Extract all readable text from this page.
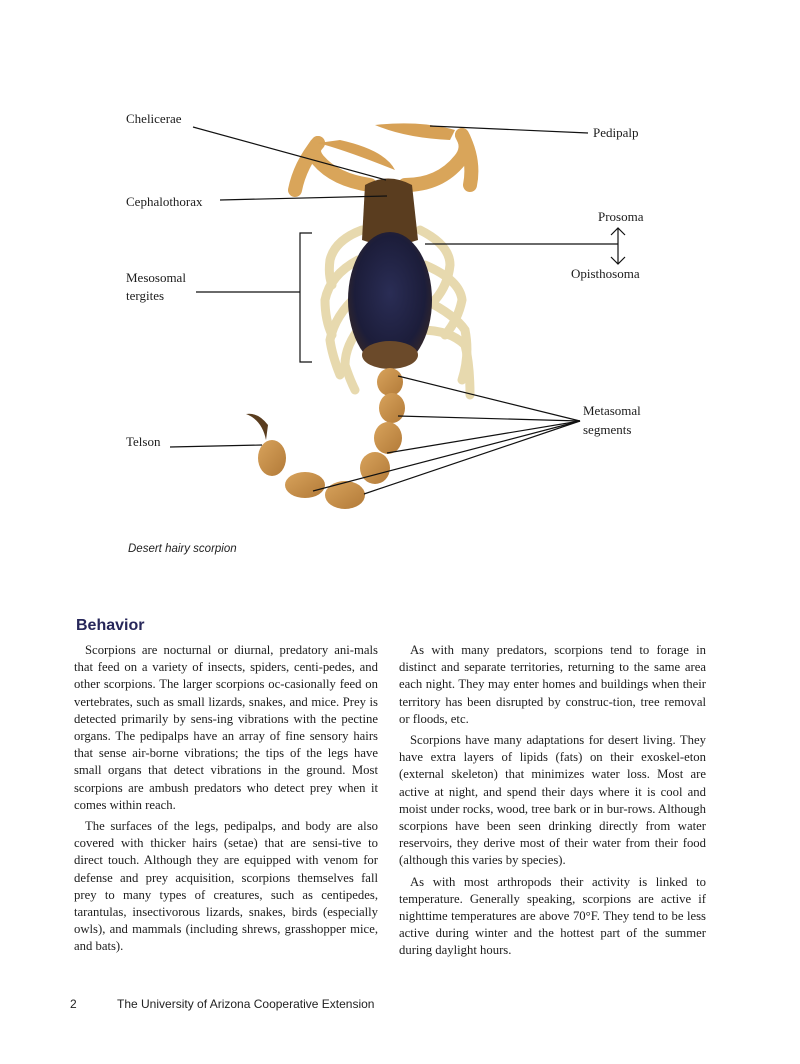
Chelicerae
Pedipalp
Cephalothorax
Prosoma
Opisthosoma
Mesosomal
tergites
Metasomal
segments
Telson
Desert hairy scorpion
Behavior

Scorpions are nocturnal or diurnal, predatory ani-mals that feed on a variety of insects, spiders, centi-pedes, and other scorpions. The larger scorpions oc-casionally feed on vertebrates, such as small lizards, snakes, and mice. Prey is detected primarily by sens-ing vibrations with the pectine organs. The pedipalps have an array of fine sensory hairs that sense air-borne vibrations; the tips of the legs have small organs that detect vibrations in the ground. Most scorpions are ambush predators who detect prey when it comes within reach.

The surfaces of the legs, pedipalps, and body are also covered with thicker hairs (setae) that are sensi-tive to direct touch. Although they are equipped with venom for defense and prey acquisition, scorpions themselves fall prey to many types of creatures, such as centipedes, tarantulas, insectivorous lizards, snakes, birds (especially owls), and mammals (including shrews, grasshopper mice, and bats).

As with many predators, scorpions tend to forage in distinct and separate territories, returning to the same area each night. They may enter homes and buildings when their territory has been disrupted by construc-tion, tree removal or floods, etc.

Scorpions have many adaptations for desert living. They have extra layers of lipids (fats) on their exoskel-eton (external skeleton) that minimizes water loss. Most are active at night, and spend their days where it is cool and moist under rocks, wood, tree bark or in bur-rows. Although scorpions have been seen drinking directly from water reservoirs, they derive most of their water from their food (although this varies by species).

As with most arthropods their activity is linked to temperature. Generally speaking, scorpions are active if nighttime temperatures are above 70°F. They tend to be less active during winter and the hottest part of the summer during daylight hours.

2	The University of Arizona Cooperative Extension
